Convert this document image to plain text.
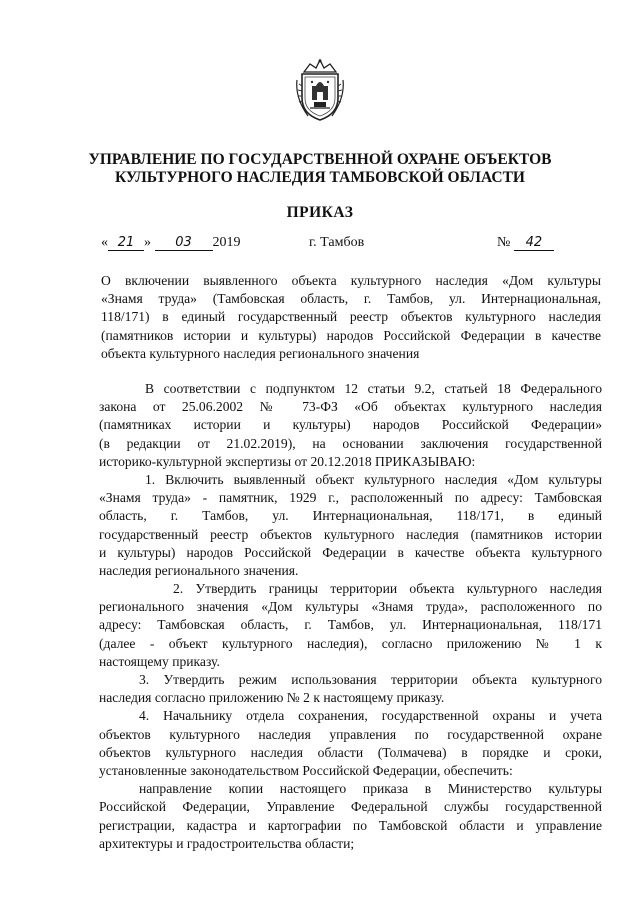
УПРАВЛЕНИЕ ПО ГОСУДАРСТВЕННОЙ ОХРАНЕ ОБЪЕКТОВ
КУЛЬТУРНОГО НАСЛЕДИЯ ТАМБОВСКОЙ ОБЛАСТИ
ПРИКАЗ
« 21 » 03 2019	г. Тамбов	№ 42
О включении выявленного объекта культурного наследия «Дом культуры
«Знамя труда» (Тамбовская область, г. Тамбов, ул. Интернациональная,
118/171) в единый государственный реестр объектов культурного наследия
(памятников истории и культуры) народов Российской Федерации в качестве
объекта культурного наследия регионального значения
В соответствии с подпунктом 12 статьи 9.2, статьей 18 Федерального
закона от 25.06.2002 № 73-ФЗ «Об объектах культурного наследия
(памятниках истории и культуры) народов Российской Федерации»
(в редакции от 21.02.2019), на основании заключения государственной
историко-культурной экспертизы от 20.12.2018 ПРИКАЗЫВАЮ:
1. Включить выявленный объект культурного наследия «Дом культуры
«Знамя труда» - памятник, 1929 г., расположенный по адресу: Тамбовская
область, г. Тамбов, ул. Интернациональная, 118/171, в единый
государственный реестр объектов культурного наследия (памятников истории
и культуры) народов Российской Федерации в качестве объекта культурного
наследия регионального значения.
2. Утвердить границы территории объекта культурного наследия
регионального значения «Дом культуры «Знамя труда», расположенного по
адресу: Тамбовская область, г. Тамбов, ул. Интернациональная, 118/171
(далее - объект культурного наследия), согласно приложению № 1 к
настоящему приказу.
3. Утвердить режим использования территории объекта культурного
наследия согласно приложению № 2 к настоящему приказу.
4. Начальнику отдела сохранения, государственной охраны и учета
объектов культурного наследия управления по государственной охране
объектов культурного наследия области (Толмачева) в порядке и сроки,
установленные законодательством Российской Федерации, обеспечить:
направление копии настоящего приказа в Министерство культуры
Российской Федерации, Управление Федеральной службы государственной
регистрации, кадастра и картографии по Тамбовской области и управление
архитектуры и градостроительства области;
